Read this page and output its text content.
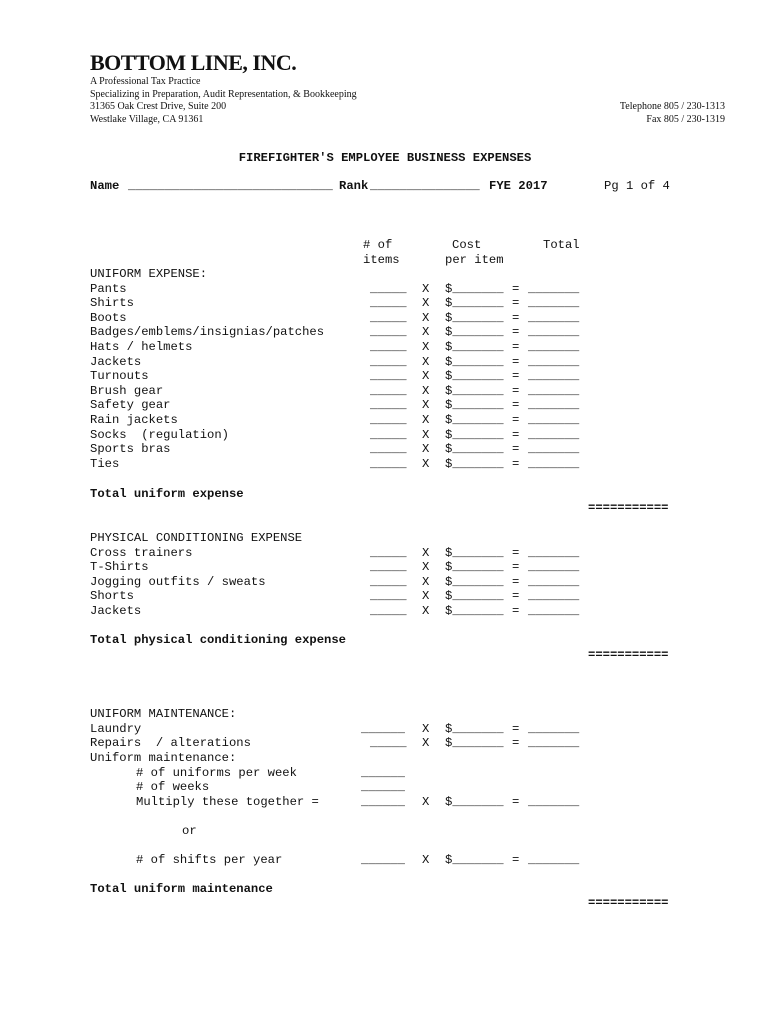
BOTTOM LINE, INC.
A Professional Tax Practice
Specializing in Preparation, Audit Representation, & Bookkeeping
31365 Oak Crest Drive, Suite 200
Westlake Village, CA 91361
Telephone 805 / 230-1313
Fax 805 / 230-1319
FIREFIGHTER'S EMPLOYEE BUSINESS EXPENSES
Name ____________________________ Rank _______________ FYE 2017	Pg 1 of 4
# of
items
Cost
per item
Total
UNIFORM EXPENSE:
Pants	_____ X $_______ = _______
Shirts	_____ X $_______ = _______
Boots	_____ X $_______ = _______
Badges/emblems/insignias/patches	_____ X $_______ = _______
Hats / helmets	_____ X $_______ = _______
Jackets	_____ X $_______ = _______
Turnouts	_____ X $_______ = _______
Brush gear	_____ X $_______ = _______
Safety gear	_____ X $_______ = _______
Rain jackets	_____ X $_______ = _______
Socks  (regulation)	_____ X $_______ = _______
Sports bras	_____ X $_______ = _______
Ties	_____ X $_______ = _______
Total uniform expense
===========
PHYSICAL CONDITIONING EXPENSE
Cross trainers	_____ X $_______ = _______
T-Shirts	_____ X $_______ = _______
Jogging outfits / sweats	_____ X $_______ = _______
Shorts	_____ X $_______ = _______
Jackets	_____ X $_______ = _______
Total physical conditioning expense
===========
UNIFORM MAINTENANCE:
Laundry	______ X $_______ = _______
Repairs  / alterations	_____ X $_______ = _______
Uniform maintenance:
# of uniforms per week	______
# of weeks	______
Multiply these together =	______ X $_______ = _______
or
# of shifts per year	______ X $_______ = _______
Total uniform maintenance
===========
